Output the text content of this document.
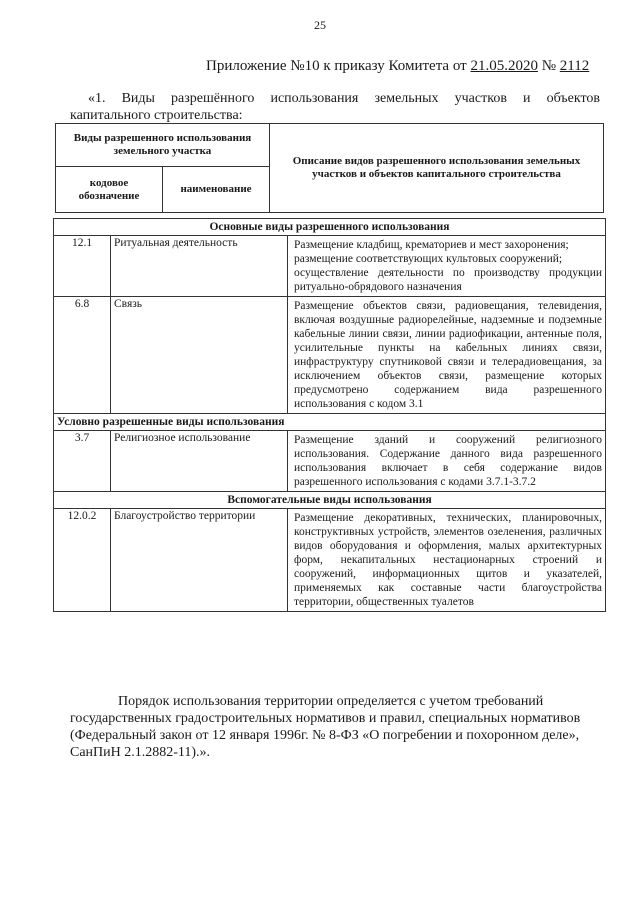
25
Приложение №10 к приказу Комитета от 21.05.2020 № 2112
«1. Виды разрешённого использования земельных участков и объектов
капитального строительства:
Виды разрешенного использования земельного участка		Описание видов разрешенного использования земельных участков и объектов капитального строительства
кодовое обозначение	наименование	
Основные виды разрешенного использования		
12.1	Ритуальная деятельность	Размещение кладбищ, крематориев и мест захоронения;

размещение соответствующих культовых сооружений;

осуществление деятельности по производству продукции ритуально-обрядового назначения

6.8	Связь	Размещение объектов связи, радиовещания, телевидения, включая воздушные радиорелейные, надземные и подземные кабельные линии связи, линии радиофикации, антенные поля, усилительные пункты на кабельных линиях связи, инфраструктуру спутниковой связи и телерадиовещания, за исключением объектов связи, размещение которых предусмотрено содержанием вида разрешенного использования с кодом 3.1

Условно разрешенные виды использования		
3.7	Религиозное использование	Размещение зданий и сооружений религиозного использования. Содержание данного вида разрешенного использования включает в себя содержание видов разрешенного использования с кодами 3.7.1-3.7.2

Вспомогательные виды использования		
12.0.2	Благоустройство территории	Размещение декоративных, технических, планировочных, конструктивных устройств, элементов озеленения, различных видов оборудования и оформления, малых архитектурных форм, некапитальных нестационарных строений и сооружений, информационных щитов и указателей, применяемых как составные части благоустройства территории, общественных туалетов

Порядок использования территории определяется с учетом требований государственных градостроительных нормативов и правил, специальных нормативов (Федеральный закон от 12 января 1996г. № 8-ФЗ «О погребении и похоронном деле», СанПиН 2.1.2882-11).».
